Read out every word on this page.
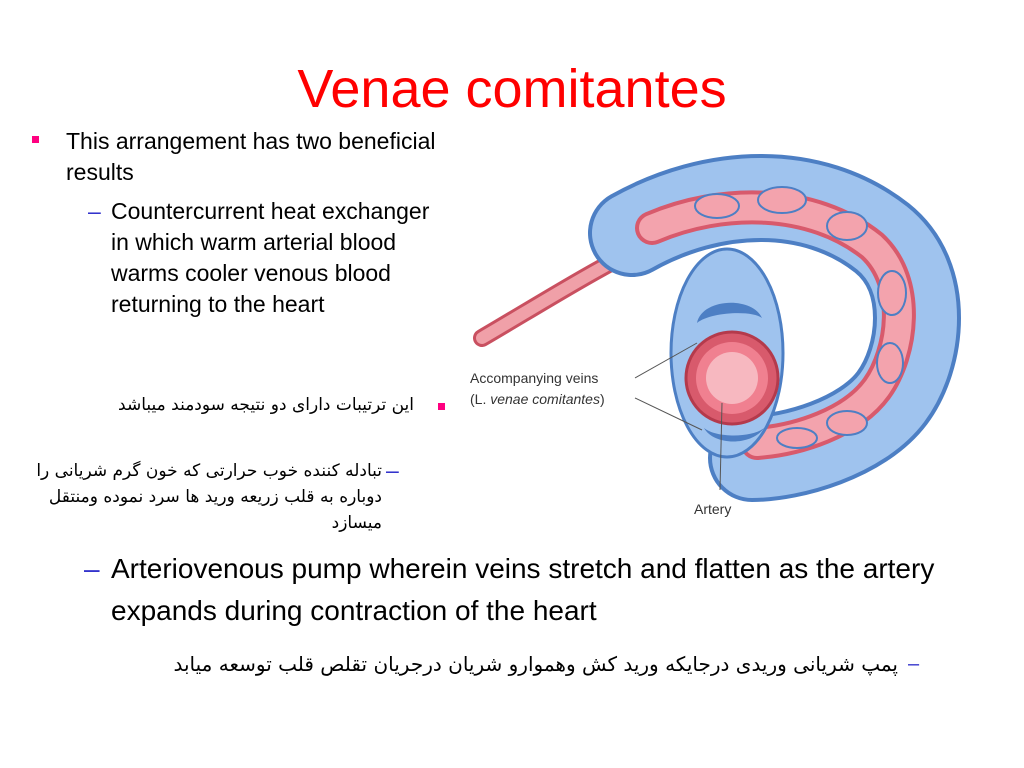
Venae comitantes
This arrangement has two beneficial results
– Countercurrent heat exchanger in which warm arterial blood warms cooler venous blood returning to the heart
این ترتیبات دارای دو نتیجه سودمند میباشد
تبادله کننده خوب حرارتی که خون گرم شریانی را دوباره به قلب زریعه ورید ها سرد نموده ومنتقل میسازد
–
– Arteriovenous pump wherein veins stretch and flatten as the artery expands during contraction of the heart
پمپ شریانی وریدی درجایکه ورید کش وهموارو شریان درجریان تقلص قلب توسعه میابد –
Accompanying veins
(L. venae comitantes)
Artery
